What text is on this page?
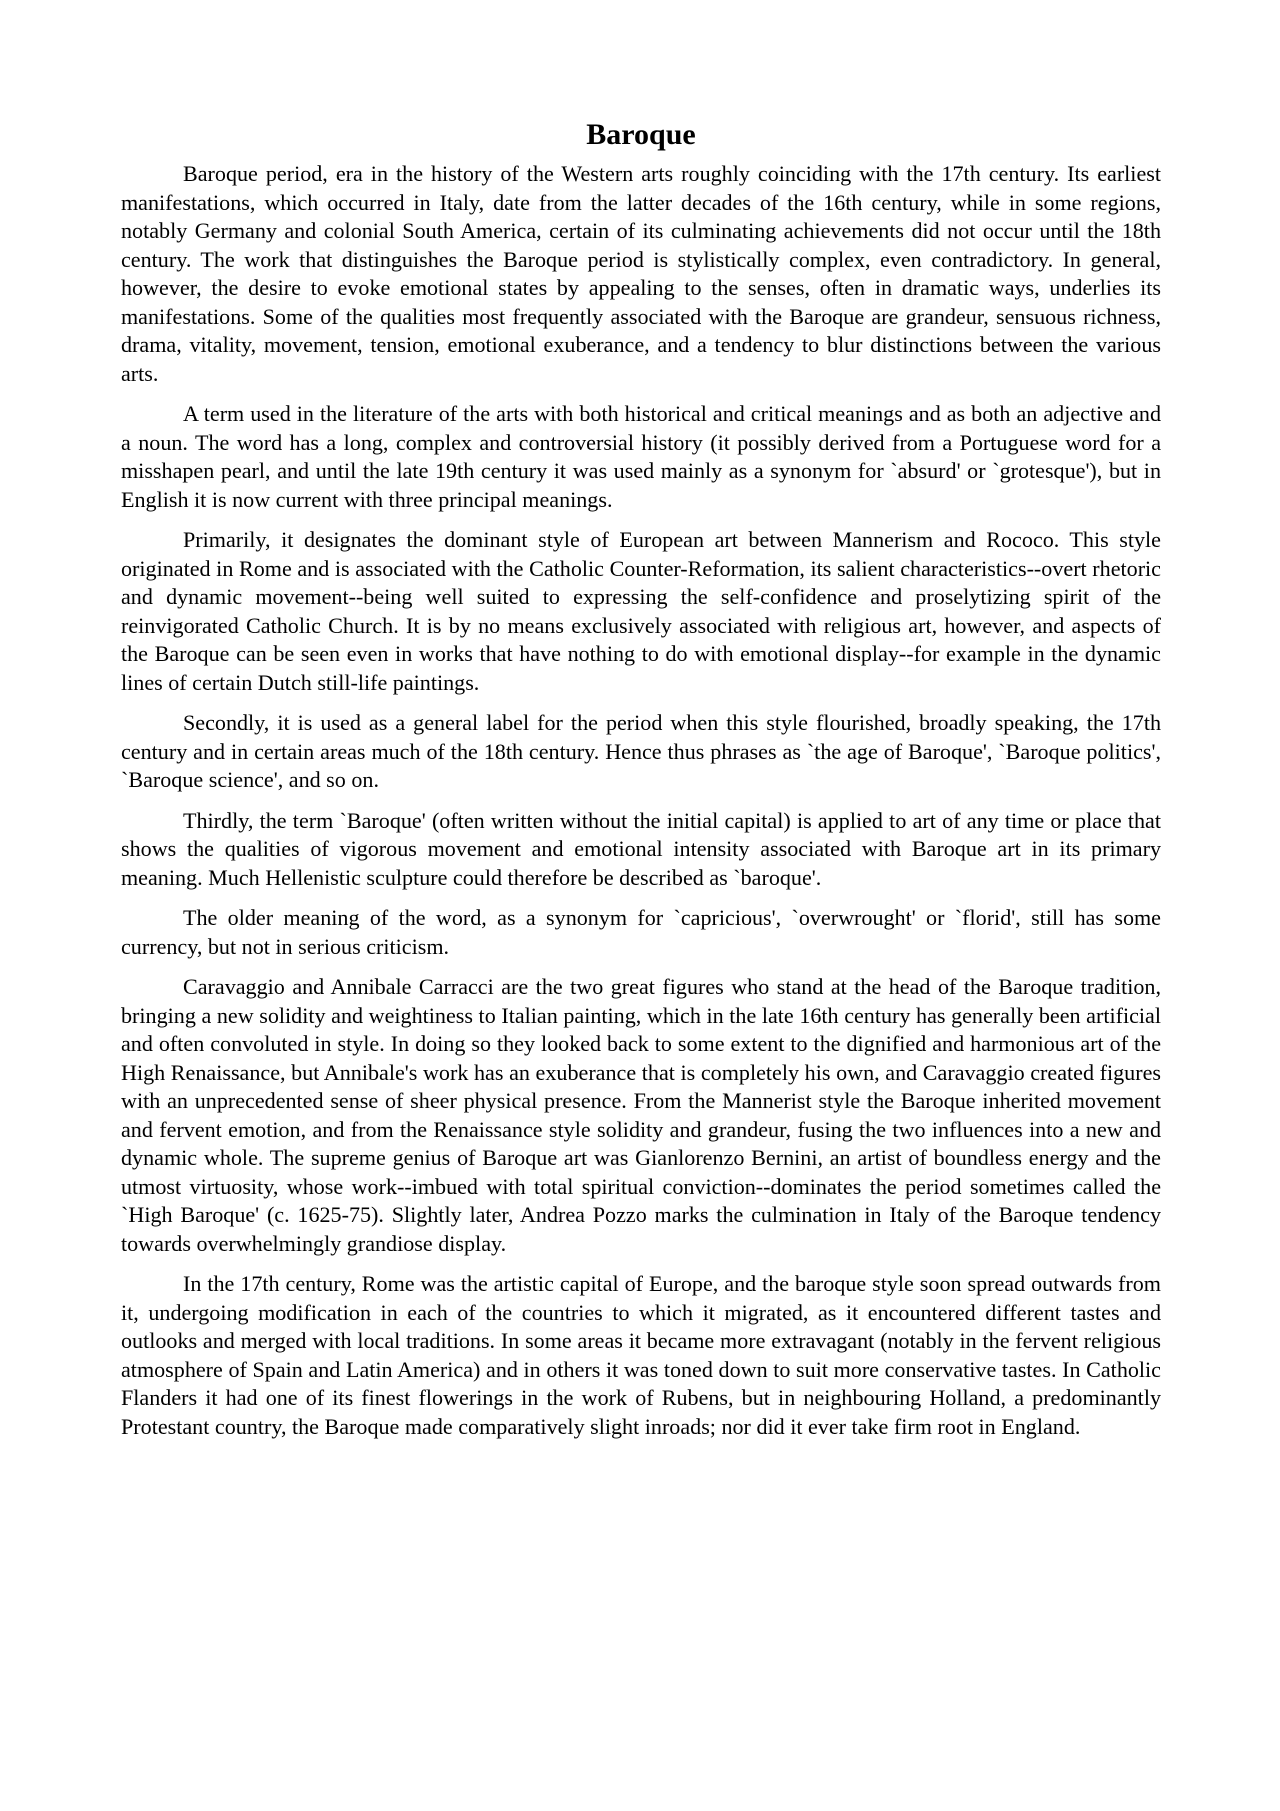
Baroque

Baroque period, era in the history of the Western arts roughly coinciding with the 17th century. Its earliest manifestations, which occurred in Italy, date from the latter decades of the 16th century, while in some regions, notably Germany and colonial South America, certain of its culminating achievements did not occur until the 18th century. The work that distinguishes the Baroque period is stylistically complex, even contradictory. In general, however, the desire to evoke emotional states by appealing to the senses, often in dramatic ways, underlies its manifestations. Some of the qualities most frequently associated with the Baroque are grandeur, sensuous richness, drama, vitality, movement, tension, emotional exuberance, and a tendency to blur distinctions between the various arts.

A term used in the literature of the arts with both historical and critical meanings and as both an adjective and a noun. The word has a long, complex and controversial history (it possibly derived from a Portuguese word for a misshapen pearl, and until the late 19th century it was used mainly as a synonym for `absurd' or `grotesque'), but in English it is now current with three principal meanings.

Primarily, it designates the dominant style of European art between Mannerism and Rococo. This style originated in Rome and is associated with the Catholic Counter-Reformation, its salient characteristics--overt rhetoric and dynamic movement--being well suited to expressing the self-confidence and proselytizing spirit of the reinvigorated Catholic Church. It is by no means exclusively associated with religious art, however, and aspects of the Baroque can be seen even in works that have nothing to do with emotional display--for example in the dynamic lines of certain Dutch still-life paintings.

Secondly, it is used as a general label for the period when this style flourished, broadly speaking, the 17th century and in certain areas much of the 18th century. Hence thus phrases as `the age of Baroque', `Baroque politics', `Baroque science', and so on.

Thirdly, the term `Baroque' (often written without the initial capital) is applied to art of any time or place that shows the qualities of vigorous movement and emotional intensity associated with Baroque art in its primary meaning. Much Hellenistic sculpture could therefore be described as `baroque'.

The older meaning of the word, as a synonym for `capricious', `overwrought' or `florid', still has some currency, but not in serious criticism.

Caravaggio and Annibale Carracci are the two great figures who stand at the head of the Baroque tradition, bringing a new solidity and weightiness to Italian painting, which in the late 16th century has generally been artificial and often convoluted in style. In doing so they looked back to some extent to the dignified and harmonious art of the High Renaissance, but Annibale's work has an exuberance that is completely his own, and Caravaggio created figures with an unprecedented sense of sheer physical presence. From the Mannerist style the Baroque inherited movement and fervent emotion, and from the Renaissance style solidity and grandeur, fusing the two influences into a new and dynamic whole. The supreme genius of Baroque art was Gianlorenzo Bernini, an artist of boundless energy and the utmost virtuosity, whose work--imbued with total spiritual conviction--dominates the period sometimes called the `High Baroque' (c. 1625-75). Slightly later, Andrea Pozzo marks the culmination in Italy of the Baroque tendency towards overwhelmingly grandiose display.

In the 17th century, Rome was the artistic capital of Europe, and the baroque style soon spread outwards from it, undergoing modification in each of the countries to which it migrated, as it encountered different tastes and outlooks and merged with local traditions. In some areas it became more extravagant (notably in the fervent religious atmosphere of Spain and Latin America) and in others it was toned down to suit more conservative tastes. In Catholic Flanders it had one of its finest flowerings in the work of Rubens, but in neighbouring Holland, a predominantly Protestant country, the Baroque made comparatively slight inroads; nor did it ever take firm root in England.
